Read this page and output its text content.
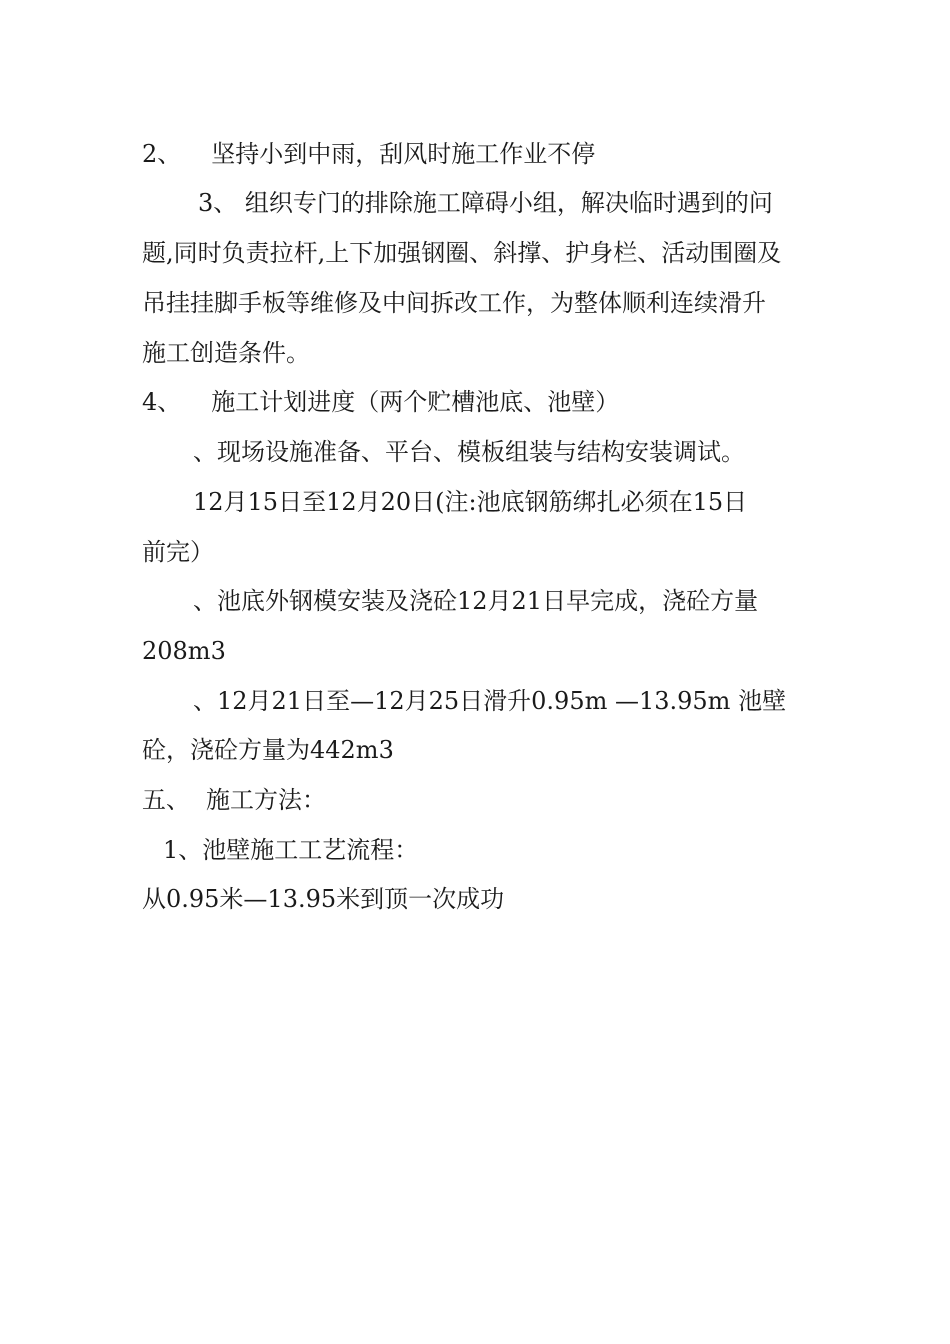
2、 坚持小到中雨，刮风时施工作业不停
3、 组织专门的排除施工障碍小组，解决临时遇到的问
题,同时负责拉杆,上下加强钢圈、斜撑、护身栏、活动围圈及
吊挂挂脚手板等维修及中间拆改工作，为整体顺利连续滑升
施工创造条件。
4、 施工计划进度（两个贮槽池底、池壁）
、现场设施准备、平台、模板组装与结构安装调试。
12月15日至12月20日(注:池底钢筋绑扎必须在15日
前完）
、池底外钢模安装及浇砼12月21日早完成，浇砼方量
208m3
、12月21日至—12月25日滑升0.95m —13.95m 池壁
砼，浇砼方量为442m3
五、 施工方法：
1、池壁施工工艺流程：
从0.95米—13.95米到顶一次成功
